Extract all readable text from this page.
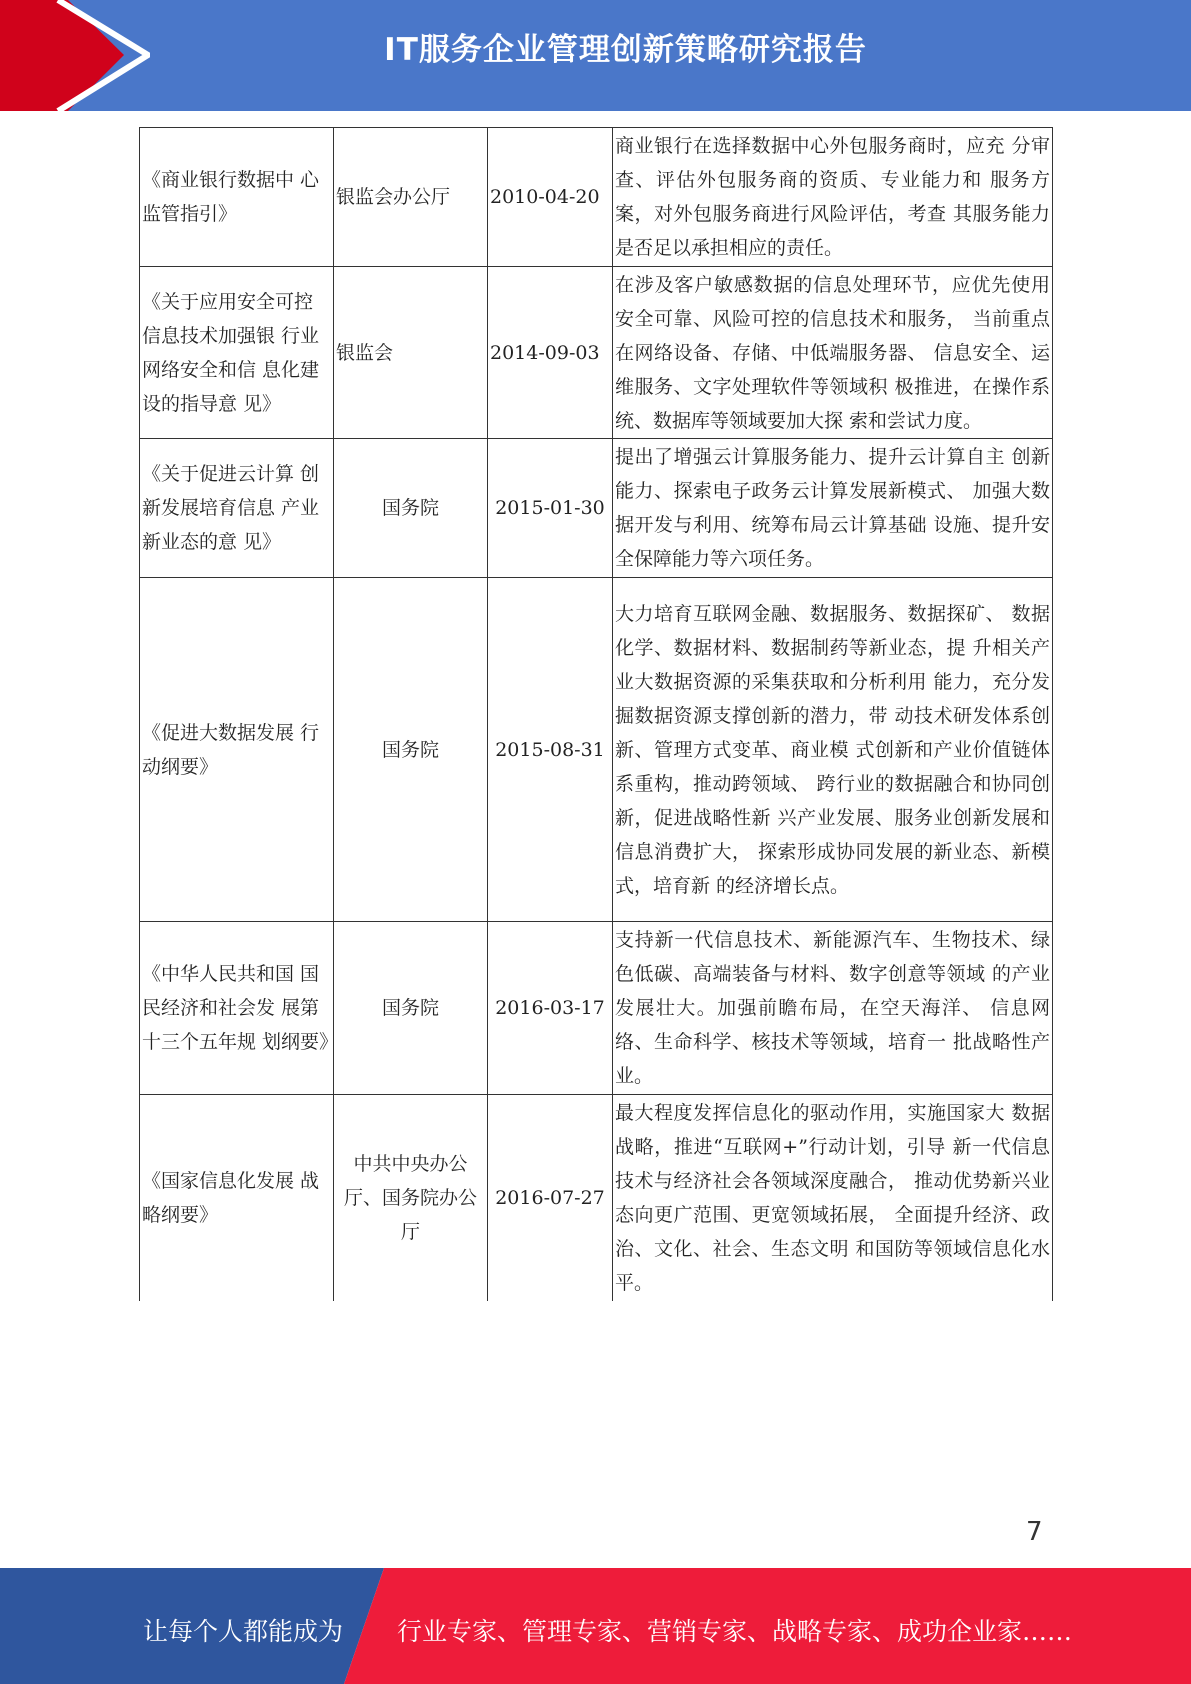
IT服务企业管理创新策略研究报告
《商业银行数据中 心监管指引》	银监会办公厅	2010-04-20	商业银行在选择数据中心外包服务商时，应充 分审查、评估外包服务商的资质、专业能力和 服务方案，对外包服务商进行风险评估，考查 其服务能力是否足以承担相应的责任。
《关于应用安全可控信息技术加强银 行业网络安全和信 息化建设的指导意 见》	银监会	2014-09-03	在涉及客户敏感数据的信息处理环节，应优先使用安全可靠、风险可控的信息技术和服务， 当前重点在网络设备、存储、中低端服务器、 信息安全、运维服务、文字处理软件等领域积 极推进，在操作系统、数据库等领域要加大探 索和尝试力度。
《关于促进云计算 创新发展培育信息 产业新业态的意 见》	国务院	2015-01-30	提出了增强云计算服务能力、提升云计算自主 创新能力、探索电子政务云计算发展新模式、 加强大数据开发与利用、统筹布局云计算基础 设施、提升安全保障能力等六项任务。
《促进大数据发展 行动纲要》	国务院	2015-08-31	大力培育互联网金融、数据服务、数据探矿、 数据化学、数据材料、数据制药等新业态，提 升相关产业大数据资源的采集获取和分析利用 能力，充分发掘数据资源支撑创新的潜力，带 动技术研发体系创新、管理方式变革、商业模 式创新和产业价值链体系重构，推动跨领域、 跨行业的数据融合和协同创新，促进战略性新 兴产业发展、服务业创新发展和信息消费扩大， 探索形成协同发展的新业态、新模式，培育新 的经济增长点。
《中华人民共和国 国民经济和社会发 展第十三个五年规 划纲要》	国务院	2016-03-17	支持新一代信息技术、新能源汽车、生物技术、绿色低碳、高端装备与材料、数字创意等领域 的产业发展壮大。加强前瞻布局，在空天海洋、 信息网络、生命科学、核技术等领域，培育一 批战略性产业。
《国家信息化发展 战略纲要》	中共中央办公厅、国务院办公厅	2016-07-27	最大程度发挥信息化的驱动作用，实施国家大 数据战略，推进“互联网+”行动计划，引导 新一代信息技术与经济社会各领域深度融合， 推动优势新兴业态向更广范围、更宽领域拓展， 全面提升经济、政治、文化、社会、生态文明 和国防等领域信息化水平。
7
让每个人都能成为 行业专家、管理专家、营销专家、战略专家、成功企业家……
